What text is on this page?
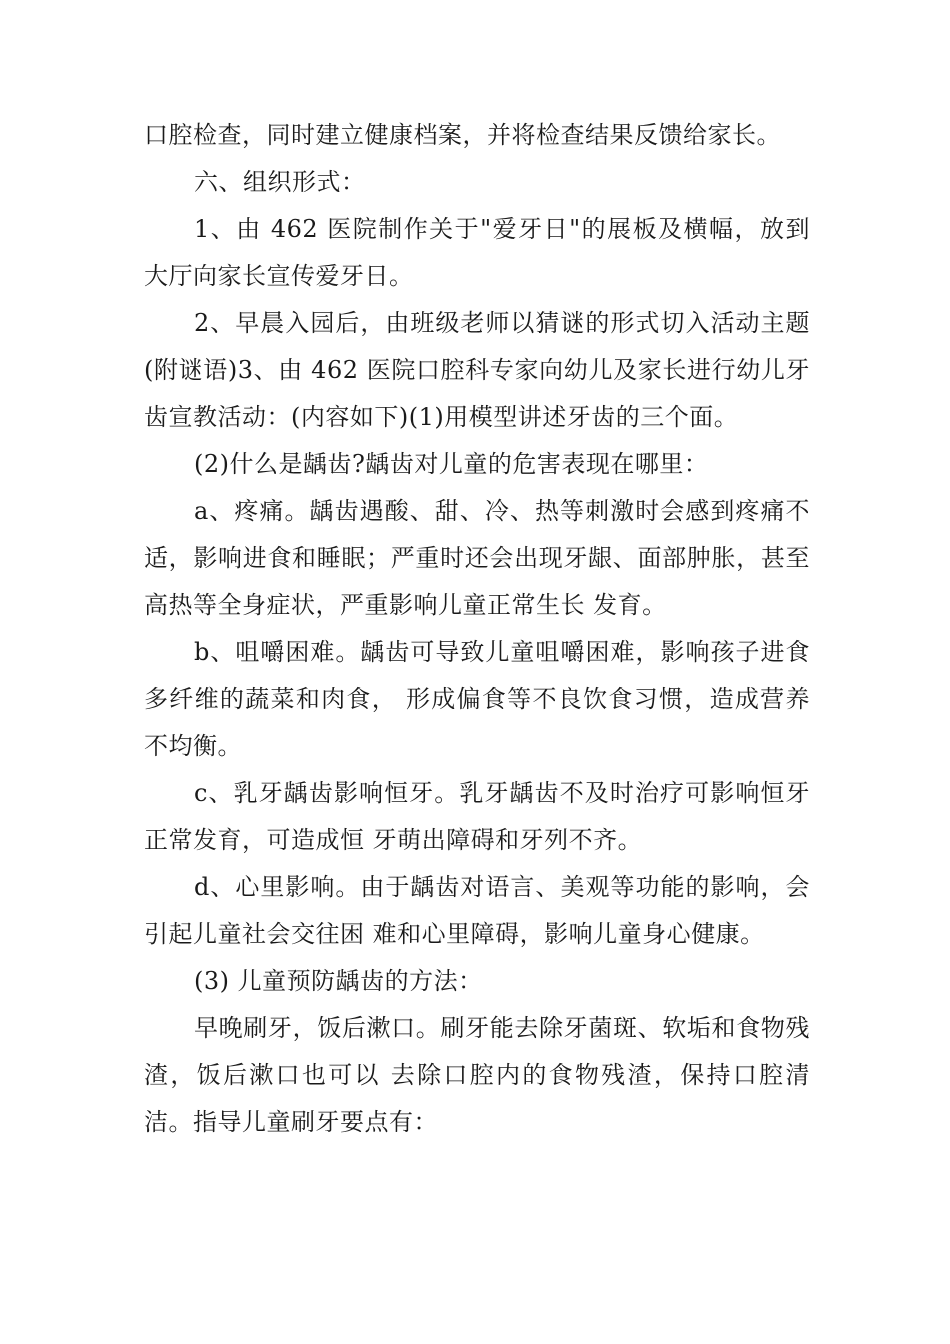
口腔检查，同时建立健康档案，并将检查结果反馈给家长。

六、组织形式：

1、由 462 医院制作关于"爱牙日"的展板及横幅，放到大厅向家长宣传爱牙日。

2、早晨入园后，由班级老师以猜谜的形式切入活动主题(附谜语)3、由 462 医院口腔科专家向幼儿及家长进行幼儿牙齿宣教活动：(内容如下)(1)用模型讲述牙齿的三个面。

(2)什么是龋齿?龋齿对儿童的危害表现在哪里：

a、疼痛。龋齿遇酸、甜、冷、热等刺激时会感到疼痛不适，影响进食和睡眠；严重时还会出现牙龈、面部肿胀，甚至高热等全身症状，严重影响儿童正常生长 发育。

b、咀嚼困难。龋齿可导致儿童咀嚼困难，影响孩子进食多纤维的蔬菜和肉食， 形成偏食等不良饮食习惯，造成营养不均衡。

c、乳牙龋齿影响恒牙。乳牙龋齿不及时治疗可影响恒牙正常发育，可造成恒 牙萌出障碍和牙列不齐。

d、心里影响。由于龋齿对语言、美观等功能的影响，会引起儿童社会交往困 难和心里障碍，影响儿童身心健康。

(3) 儿童预防龋齿的方法：

早晚刷牙，饭后漱口。刷牙能去除牙菌斑、软垢和食物残渣，饭后漱口也可以 去除口腔内的食物残渣，保持口腔清洁。指导儿童刷牙要点有：
